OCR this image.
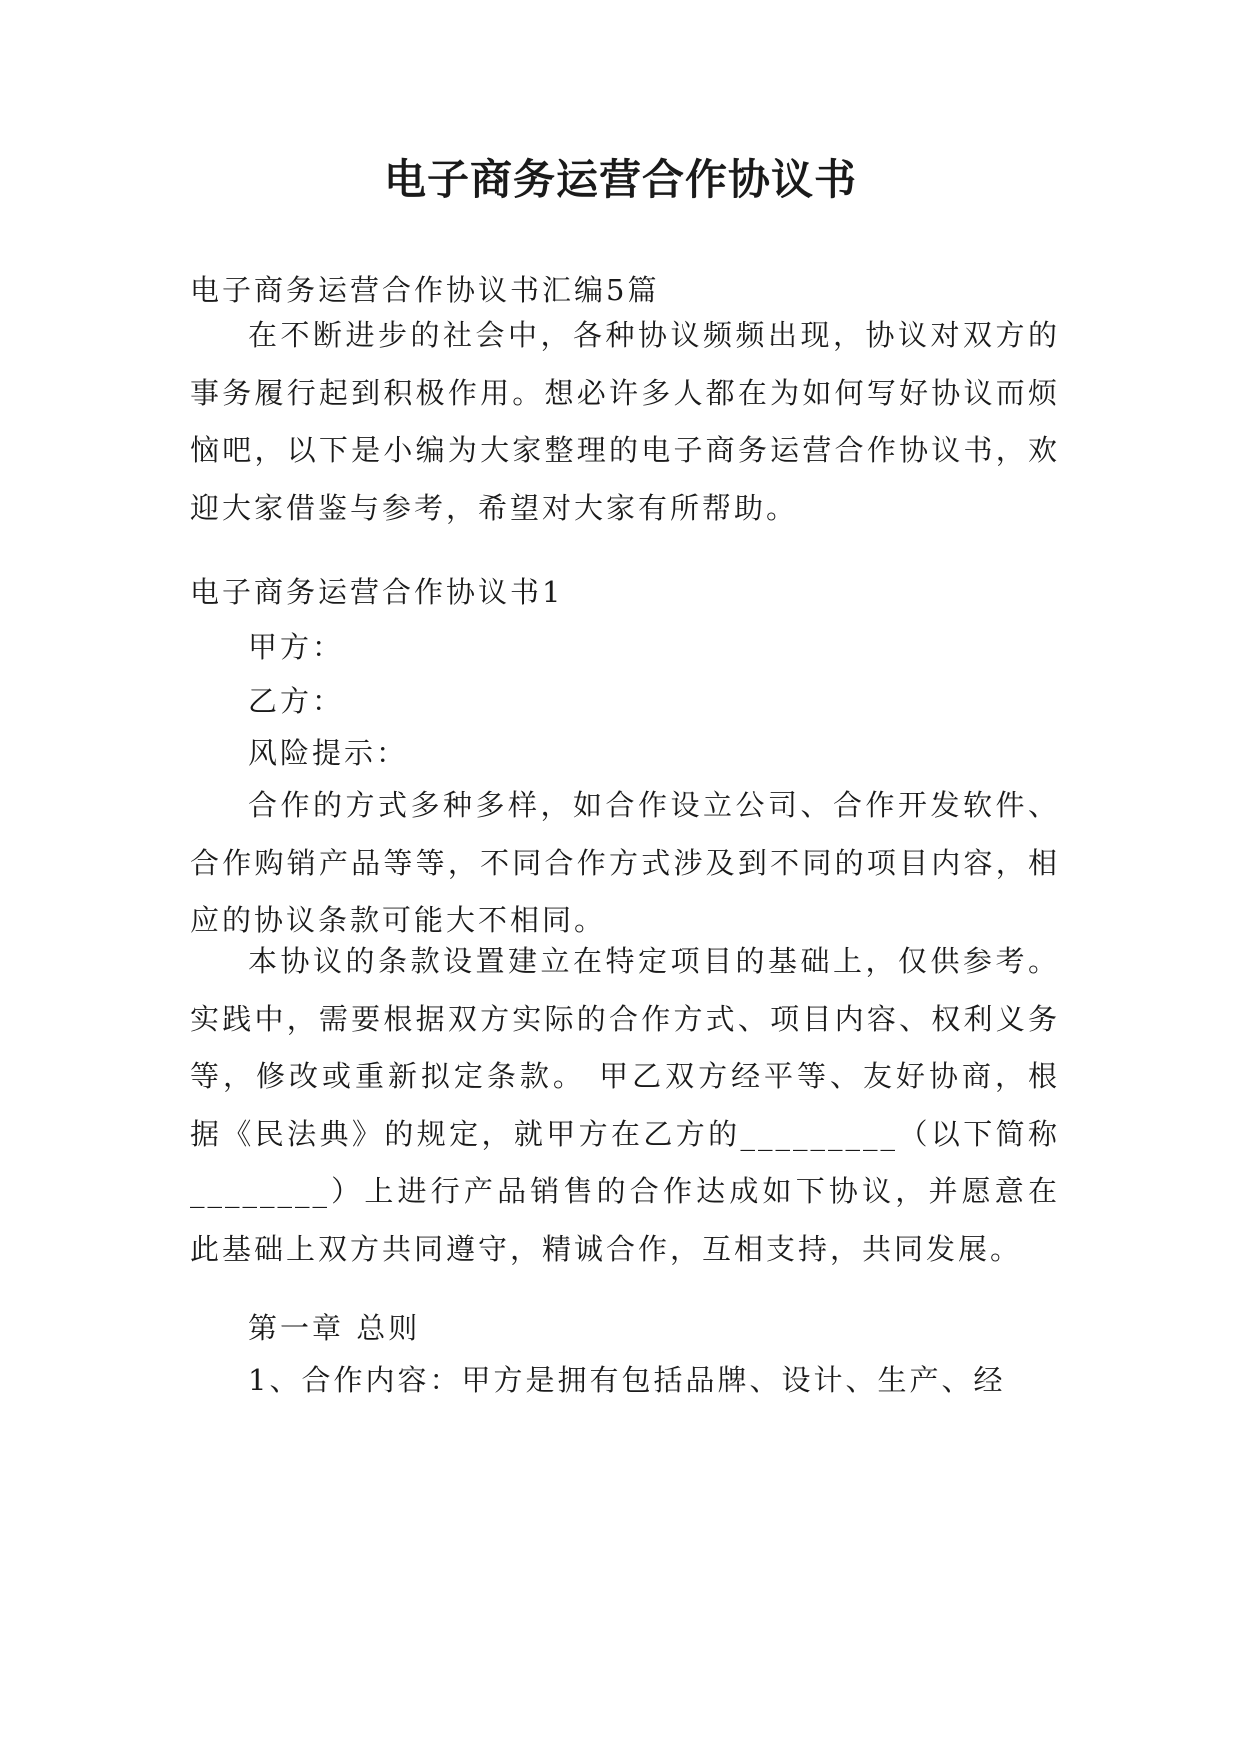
电子商务运营合作协议书

电子商务运营合作协议书汇编5篇

在不断进步的社会中，各种协议频频出现，协议对双方的事务履行起到积极作用。想必许多人都在为如何写好协议而烦恼吧，以下是小编为大家整理的电子商务运营合作协议书，欢迎大家借鉴与参考，希望对大家有所帮助。

电子商务运营合作协议书1

甲方：

乙方：

风险提示：

合作的方式多种多样，如合作设立公司、合作开发软件、合作购销产品等等，不同合作方式涉及到不同的项目内容，相应的协议条款可能大不相同。

本协议的条款设置建立在特定项目的基础上，仅供参考。实践中，需要根据双方实际的合作方式、项目内容、权利义务等，修改或重新拟定条款。 甲乙双方经平等、友好协商，根据《民法典》的规定，就甲方在乙方的_________（以下简称________）上进行产品销售的合作达成如下协议，并愿意在此基础上双方共同遵守，精诚合作，互相支持，共同发展。

第一章 总则

1、合作内容：甲方是拥有包括品牌、设计、生产、经
